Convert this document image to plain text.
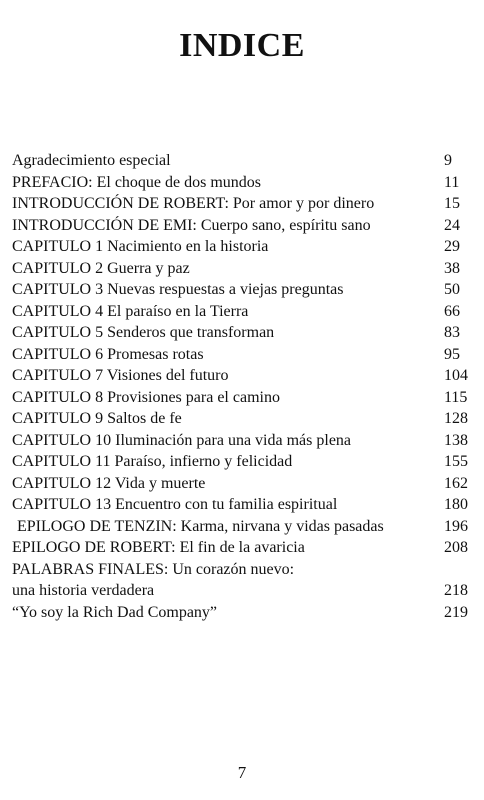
INDICE
Agradecimiento especial	9
PREFACIO: El choque de dos mundos	11
INTRODUCCIÓN DE ROBERT: Por amor y por dinero	15
INTRODUCCIÓN DE EMI: Cuerpo sano, espíritu sano	24
CAPITULO 1 Nacimiento en la historia	29
CAPITULO 2 Guerra y paz	38
CAPITULO 3 Nuevas respuestas a viejas preguntas	50
CAPITULO 4 El paraíso en la Tierra	66
CAPITULO 5 Senderos que transforman	83
CAPITULO 6 Promesas rotas	95
CAPITULO 7 Visiones del futuro	104
CAPITULO 8 Provisiones para el camino	115
CAPITULO 9 Saltos de fe	128
CAPITULO 10 Iluminación para una vida más plena	138
CAPITULO 11 Paraíso, infierno y felicidad	155
CAPITULO 12 Vida y muerte	162
CAPITULO 13 Encuentro con tu familia espiritual	180
EPILOGO DE TENZIN: Karma, nirvana y vidas pasadas	196
EPILOGO DE ROBERT: El fin de la avaricia	208
PALABRAS FINALES: Un corazón nuevo:
una historia verdadera	218
“Yo soy la Rich Dad Company”	219
7
